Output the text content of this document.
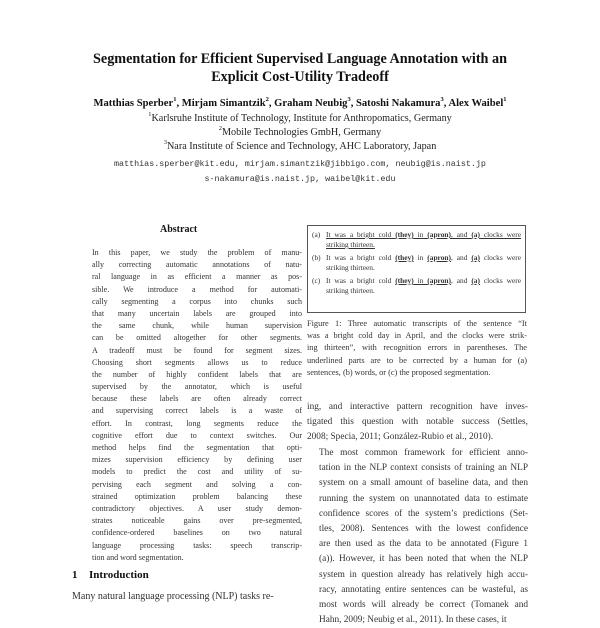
Segmentation for Efficient Supervised Language Annotation with an
Explicit Cost-Utility Tradeoff
Matthias Sperber$^1$, Mirjam Simantzik$^2$, Graham Neubig$^3$, Satoshi Nakamura$^3$, Alex Waibel$^1$
$^1$Karlsruhe Institute of Technology, Institute for Anthropomatics, Germany
$^2$Mobile Technologies GmbH, Germany
$^3$Nara Institute of Science and Technology, AHC Laboratory, Japan
matthias.sperber@kit.edu, mirjam.simantzik@jibbigo.com, neubig@is.naist.jp
s-nakamura@is.naist.jp, waibel@kit.edu
Abstract
In this paper, we study the problem of manu-
ally correcting automatic annotations of natu-
ral language in as efficient a manner as pos-
sible. We introduce a method for automati-
cally segmenting a corpus into chunks such
that many uncertain labels are grouped into
the same chunk, while human supervision
can be omitted altogether for other segments.
A tradeoff must be found for segment sizes.
Choosing short segments allows us to reduce
the number of highly confident labels that are
supervised by the annotator, which is useful
because these labels are often already correct
and supervising correct labels is a waste of
effort. In contrast, long segments reduce the
cognitive effort due to context switches. Our
method helps find the segmentation that opti-
mizes supervision efficiency by defining user
models to predict the cost and utility of su-
pervising each segment and solving a con-
strained optimization problem balancing these
contradictory objectives. A user study demon-
strates noticeable gains over pre-segmented,
confidence-ordered baselines on two natural
language processing tasks: speech transcrip-
tion and word segmentation.
1 Introduction
Many natural language processing (NLP) tasks re-
(a) It was a bright cold (they) in (apron), and (a) clocks were striking thirteen.
(b) It was a bright cold (they) in (apron), and (a) clocks were striking thirteen.
(c) It was a bright cold (they) in (apron), and (a) clocks were striking thirteen.
Figure 1: Three automatic transcripts of the sentence “It
was a bright cold day in April, and the clocks were strik-
ing thirteen”, with recognition errors in parentheses. The
underlined parts are to be corrected by a human for (a)
sentences, (b) words, or (c) the proposed segmentation.
ing, and interactive pattern recognition have inves-
tigated this question with notable success (Settles,
2008; Specia, 2011; González-Rubio et al., 2010).
The most common framework for efficient anno-
tation in the NLP context consists of training an NLP
system on a small amount of baseline data, and then
running the system on unannotated data to estimate
confidence scores of the system’s predictions (Set-
tles, 2008). Sentences with the lowest confidence
are then used as the data to be annotated (Figure 1
(a)). However, it has been noted that when the NLP
system in question already has relatively high accu-
racy, annotating entire sentences can be wasteful, as
most words will already be correct (Tomanek and
Hahn, 2009; Neubig et al., 2011). In these cases, it
